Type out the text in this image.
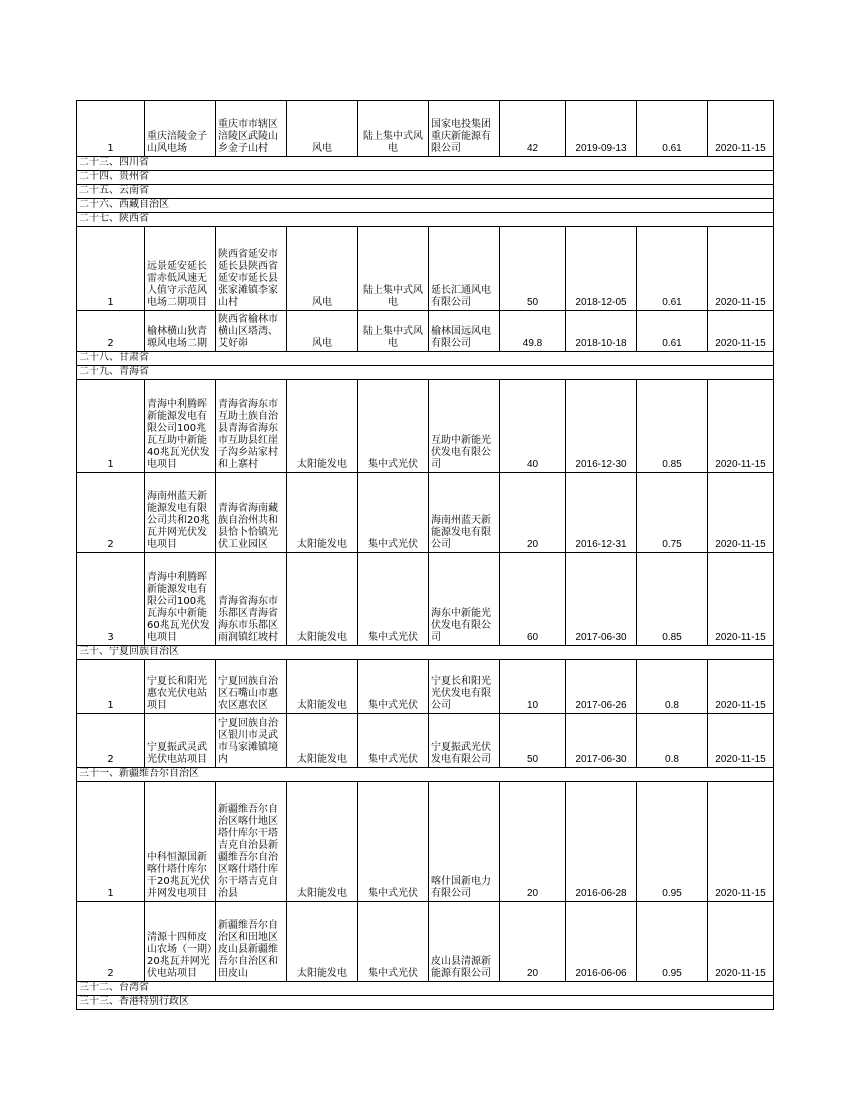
1	重庆涪陵金子山风电场	重庆市市辖区涪陵区武陵山乡金子山村	风电	陆上集中式风电	国家电投集团重庆新能源有限公司	42	2019-09-13	0.61	2020-11-15
二十三、四川省									
二十四、贵州省									
二十五、云南省									
二十六、西藏自治区									
二十七、陕西省									
1	远景延安延长雷赤低风速无人值守示范风电场二期项目	陕西省延安市延长县陕西省延安市延长县张家滩镇李家山村	风电	陆上集中式风电	延长汇通风电有限公司	50	2018-12-05	0.61	2020-11-15
2	榆林横山狄青塬风电场二期	陕西省榆林市横山区塔湾、艾好峁	风电	陆上集中式风电	榆林国远风电有限公司	49.8	2018-10-18	0.61	2020-11-15
二十八、甘肃省									
二十九、青海省									
1	青海中利腾晖新能源发电有限公司100兆瓦互助中新能40兆瓦光伏发电项目	青海省海东市互助土族自治县青海省海东市互助县红崖子沟乡站家村和上寨村	太阳能发电	集中式光伏	互助中新能光伏发电有限公司	40	2016-12-30	0.85	2020-11-15
2	海南州蓝天新能源发电有限公司共和20兆瓦并网光伏发电项目	青海省海南藏族自治州共和县恰卜恰镇光伏工业园区	太阳能发电	集中式光伏	海南州蓝天新能源发电有限公司	20	2016-12-31	0.75	2020-11-15
3	青海中利腾晖新能源发电有限公司100兆瓦海东中新能60兆瓦光伏发电项目	青海省海东市乐都区青海省海东市乐都区雨润镇红坡村	太阳能发电	集中式光伏	海东中新能光伏发电有限公司	60	2017-06-30	0.85	2020-11-15
三十、宁夏回族自治区									
1	宁夏长和阳光惠农光伏电站项目	宁夏回族自治区石嘴山市惠农区惠农区	太阳能发电	集中式光伏	宁夏长和阳光光伏发电有限公司	10	2017-06-26	0.8	2020-11-15
2	宁夏振武灵武光伏电站项目	宁夏回族自治区银川市灵武市马家滩镇境内	太阳能发电	集中式光伏	宁夏振武光伏发电有限公司	50	2017-06-30	0.8	2020-11-15
三十一、新疆维吾尔自治区									
1	中科恒源国新喀什塔什库尔干20兆瓦光伏并网发电项目	新疆维吾尔自治区喀什地区塔什库尔干塔吉克自治县新疆维吾尔自治区喀什塔什库尔干塔吉克自治县	太阳能发电	集中式光伏	喀什国新电力有限公司	20	2016-06-28	0.95	2020-11-15
2	清源十四师皮山农场（一期）20兆瓦并网光伏电站项目	新疆维吾尔自治区和田地区皮山县新疆维吾尔自治区和田皮山	太阳能发电	集中式光伏	皮山县清源新能源有限公司	20	2016-06-06	0.95	2020-11-15
三十二、台湾省									
三十三、香港特别行政区									
